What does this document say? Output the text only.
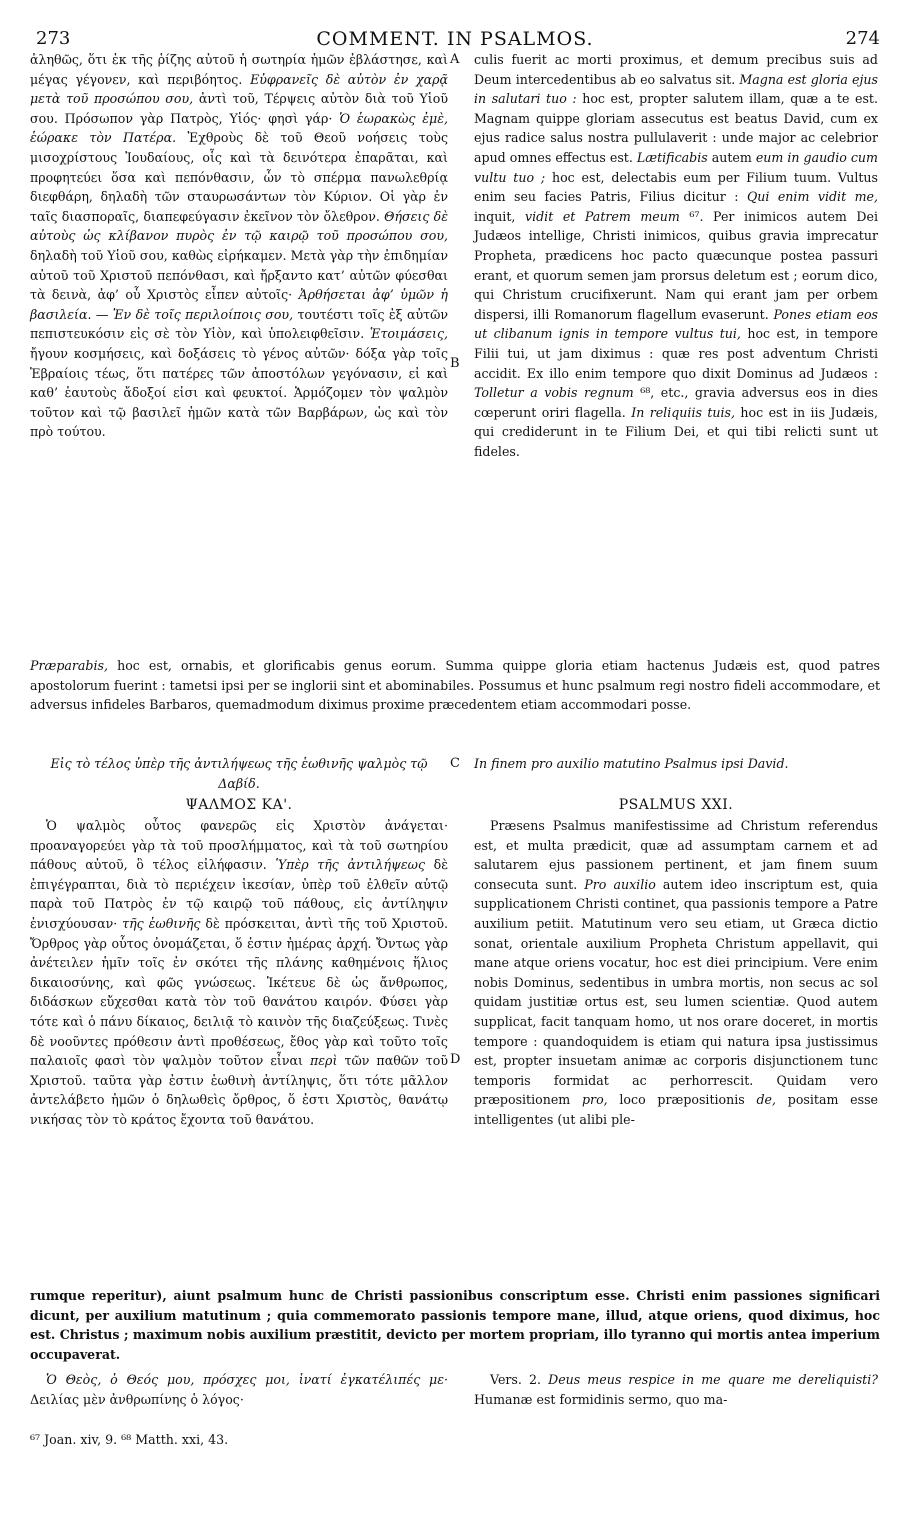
273	COMMENT. IN PSALMOS.	274
ἀληθῶς, ὅτι ἐκ τῆς ῥίζης αὐτοῦ ἡ σωτηρία ἡμῶν ἐβλάστησε, καὶ μέγας γέγονεν, καὶ περιβόητος. Εὐφρανεῖς δὲ αὐτὸν ἐν χαρᾷ μετὰ τοῦ προσώπου σου, ἀντὶ τοῦ, Τέρψεις αὐτὸν διὰ τοῦ Υἱοῦ σου. Πρόσωπον γὰρ Πατρὸς, Υἱός· φησὶ γάρ· Ὁ ἑωρακὼς ἐμὲ, ἑώρακε τὸν Πατέρα. Ἐχθροὺς δὲ τοῦ Θεοῦ νοήσεις τοὺς μισοχρίστους Ἰουδαίους, οἷς καὶ τὰ δεινότερα ἐπαρᾶται, καὶ προφητεύει ὅσα καὶ πεπόνθασιν, ὧν τὸ σπέρμα πανωλεθρίᾳ διεφθάρη, δηλαδὴ τῶν σταυρωσάντων τὸν Κύριον. Οἱ γὰρ ἐν ταῖς διασποραῖς, διαπεφεύγασιν ἐκεῖνον τὸν ὄλεθρον. Θήσεις δὲ αὐτοὺς ὡς κλίβανον πυρὸς ἐν τῷ καιρῷ τοῦ προσώπου σου, δηλαδὴ τοῦ Υἱοῦ σου, καθὼς εἰρήκαμεν. Μετὰ γὰρ τὴν ἐπιδημίαν αὐτοῦ τοῦ Χριστοῦ πεπόνθασι, καὶ ἤρξαντο κατ’ αὐτῶν φύεσθαι τὰ δεινὰ, ἀφ’ οὗ Χριστὸς εἶπεν αὐτοῖς· Ἀρθήσεται ἀφ’ ὑμῶν ἡ βασιλεία. — Ἐν δὲ τοῖς περιλοίποις σου, τουτέστι τοῖς ἐξ αὐτῶν πεπιστευκόσιν εἰς σὲ τὸν Υἱὸν, καὶ ὑπολειφθεῖσιν. Ἑτοιμάσεις, ἤγουν κοσμήσεις, καὶ δοξάσεις τὸ γένος αὐτῶν· δόξα γὰρ τοῖς Ἑβραίοις τέως, ὅτι πατέρες τῶν ἀποστόλων γεγόνασιν, εἰ καὶ καθ’ ἑαυτοὺς ἄδοξοί εἰσι καὶ φευκτοί. Ἁρμόζομεν τὸν ψαλμὸν τοῦτον καὶ τῷ βασιλεῖ ἡμῶν κατὰ τῶν Βαρβάρων, ὡς καὶ τὸν πρὸ τούτου.
culis fuerit ac morti proximus, et demum precibus suis ad Deum intercedentibus ab eo salvatus sit. Magna est gloria ejus in salutari tuo : hoc est, propter salutem illam, quæ a te est. Magnam quippe gloriam assecutus est beatus David, cum ex ejus radice salus nostra pullulaverit : unde major ac celebrior apud omnes effectus est. Lætificabis autem eum in gaudio cum vultu tuo ; hoc est, delectabis eum per Filium tuum. Vultus enim seu facies Patris, Filius dicitur : Qui enim vidit me, inquit, vidit et Patrem meum ⁶⁷. Per inimicos autem Dei Judæos intellige, Christi inimicos, quibus gravia imprecatur Propheta, prædicens hoc pacto quæcunque postea passuri erant, et quorum semen jam prorsus deletum est ; eorum dico, qui Christum crucifixerunt. Nam qui erant jam per orbem dispersi, illi Romanorum flagellum evaserunt. Pones etiam eos ut clibanum ignis in tempore vultus tui, hoc est, in tempore Filii tui, ut jam diximus : quæ res post adventum Christi accidit. Ex illo enim tempore quo dixit Dominus ad Judæos : Tolletur a vobis regnum ⁶⁸, etc., gravia adversus eos in dies cœperunt oriri flagella. In reliquiis tuis, hoc est in iis Judæis, qui crediderunt in te Filium Dei, et qui tibi relicti sunt ut fideles.
A
B
Præparabis, hoc est, ornabis, et glorificabis genus eorum. Summa quippe gloria etiam hactenus Judæis est, quod patres apostolorum fuerint : tametsi ipsi per se inglorii sint et abominabiles. Possumus et hunc psalmum regi nostro fideli accommodare, et adversus infideles Barbaros, quemadmodum diximus proxime præcedentem etiam accommodari posse.
Εἰς τὸ τέλος ὑπὲρ τῆς ἀντιλήψεως τῆς ἑωθινῆς ψαλμὸς τῷ Δαβίδ.
In finem pro auxilio matutino Psalmus ipsi David.
C
ΨΑΛΜΟΣ ΚΑ'.	PSALMUS XXI.
Ὁ ψαλμὸς οὗτος φανερῶς εἰς Χριστὸν ἀνάγεται· προαναγορεύει γὰρ τὰ τοῦ προσλήμματος, καὶ τὰ τοῦ σωτηρίου πάθους αὐτοῦ, ὃ τέλος εἰλήφασιν. Ὑπὲρ τῆς ἀντιλήψεως δὲ ἐπιγέγραπται, διὰ τὸ περιέχειν ἱκεσίαν, ὑπὲρ τοῦ ἐλθεῖν αὐτῷ παρὰ τοῦ Πατρὸς ἐν τῷ καιρῷ τοῦ πάθους, εἰς ἀντίληψιν ἐνισχύουσαν· τῆς ἑωθινῆς δὲ πρόσκειται, ἀντὶ τῆς τοῦ Χριστοῦ. Ὄρθρος γὰρ οὗτος ὀνομάζεται, ὅ ἐστιν ἡμέρας ἀρχή. Ὄντως γὰρ ἀνέτειλεν ἡμῖν τοῖς ἐν σκότει τῆς πλάνης καθημένοις ἥλιος δικαιοσύνης, καὶ φῶς γνώσεως. Ἱκέτευε δὲ ὡς ἄνθρωπος, διδάσκων εὔχεσθαι κατὰ τὸν τοῦ θανάτου καιρόν. Φύσει γὰρ τότε καὶ ὁ πάνυ δίκαιος, δειλιᾷ τὸ καινὸν τῆς διαζεύξεως. Τινὲς δὲ νοοῦντες πρόθεσιν ἀντὶ προθέσεως, ἔθος γὰρ καὶ τοῦτο τοῖς παλαιοῖς φασὶ τὸν ψαλμὸν τοῦτον εἶναι περὶ τῶν παθῶν τοῦ Χριστοῦ. ταῦτα γὰρ ἐστιν ἑωθινὴ ἀντίληψις, ὅτι τότε μᾶλλον ἀντελάβετο ἡμῶν ὁ δηλωθεὶς ὄρθρος, ὅ ἐστι Χριστὸς, θανάτῳ νικήσας τὸν τὸ κράτος ἔχοντα τοῦ θανάτου.
Præsens Psalmus manifestissime ad Christum referendus est, et multa prædicit, quæ ad assumptam carnem et ad salutarem ejus passionem pertinent, et jam finem suum consecuta sunt. Pro auxilio autem ideo inscriptum est, quia supplicationem Christi continet, qua passionis tempore a Patre auxilium petiit. Matutinum vero seu etiam, ut Græca dictio sonat, orientale auxilium Propheta Christum appellavit, qui mane atque oriens vocatur, hoc est diei principium. Vere enim nobis Dominus, sedentibus in umbra mortis, non secus ac sol quidam justitiæ ortus est, seu lumen scientiæ. Quod autem supplicat, facit tanquam homo, ut nos orare doceret, in mortis tempore : quandoquidem is etiam qui natura ipsa justissimus est, propter insuetam animæ ac corporis disjunctionem tunc temporis formidat ac perhorrescit. Quidam vero præpositionem pro, loco præpositionis de, positam esse intelligentes (ut alibi ple-
D
rumque reperitur), aiunt psalmum hunc de Christi passionibus conscriptum esse. Christi enim passiones significari dicunt, per auxilium matutinum ; quia commemorato passionis tempore mane, illud, atque oriens, quod diximus, hoc est. Christus ; maximum nobis auxilium præstitit, devicto per mortem propriam, illo tyranno qui mortis antea imperium occupaverat.
Ὁ Θεὸς, ὁ Θεός μου, πρόσχες μοι, ἱνατί ἐγκατέλιπές με· Δειλίας μὲν ἀνθρωπίνης ὁ λόγος·
Vers. 2. Deus meus respice in me quare me dereliquisti? Humanæ est formidinis sermo, quo ma-
⁶⁷ Joan. xiv, 9. ⁶⁸ Matth. xxi, 43.
